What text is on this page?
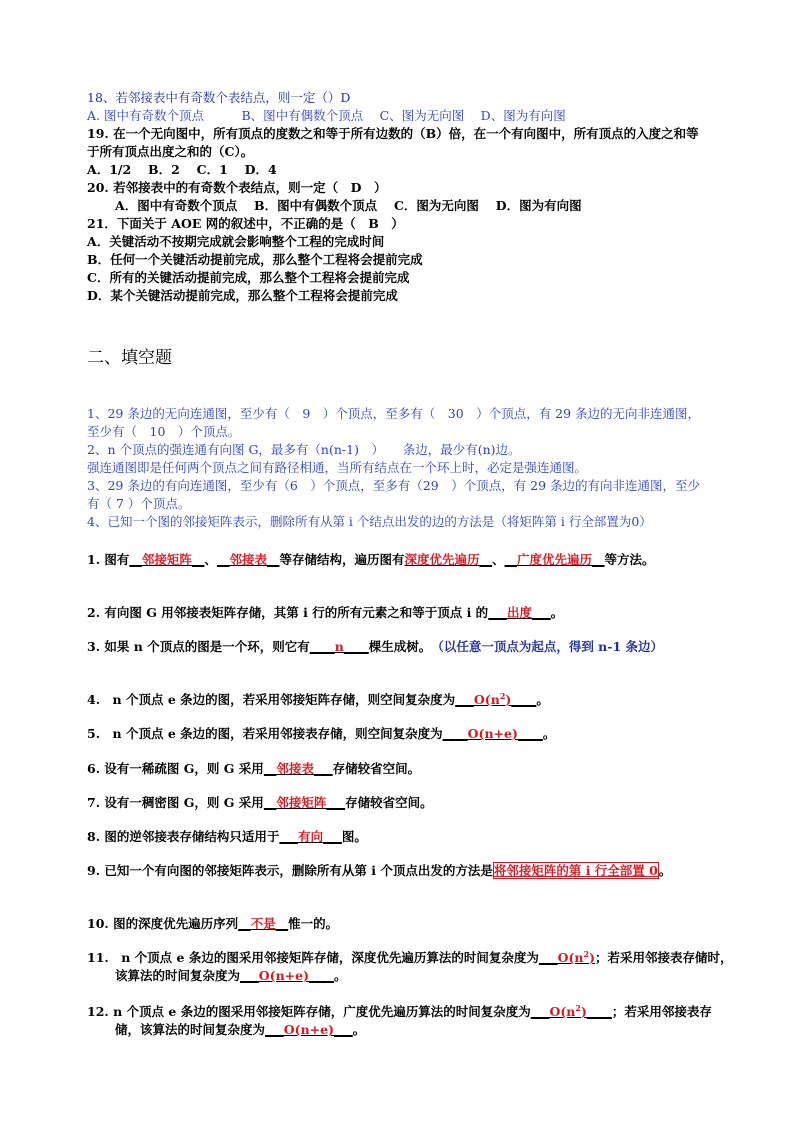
18、若邻接表中有奇数个表结点，则一定（）D
A. 图中有奇数个顶点　　　B、图中有偶数个顶点　 C、图为无向图　 D、图为有向图
19. 在一个无向图中，所有顶点的度数之和等于所有边数的（B）倍，在一个有向图中，所有顶点的入度之和等于所有顶点出度之和的（C）。
A．1/2　 B．2　 C．1　 D．4
20. 若邻接表中的有奇数个表结点，则一定（　D　）
A．图中有奇数个顶点　 B．图中有偶数个顶点　 C．图为无向图　 D．图为有向图
21．下面关于 AOE 网的叙述中，不正确的是（　B　）
A．关键活动不按期完成就会影响整个工程的完成时间
B．任何一个关键活动提前完成，那么整个工程将会提前完成
C．所有的关键活动提前完成，那么整个工程将会提前完成
D．某个关键活动提前完成，那么整个工程将会提前完成
二、填空题
1、29 条边的无向连通图，至少有（　9　）个顶点，至多有（　30　）个顶点，有 29 条边的无向非连通图，至少有（　10　）个顶点。
2、n 个顶点的强连通有向图 G，最多有（n(n-1)　）　　条边，最少有(n)边。
强连通图即是任何两个顶点之间有路径相通，当所有结点在一个环上时，必定是强连通图。
3、29 条边的有向连通图，至少有（6　）个顶点，至多有（29　）个顶点，有 29 条边的有向非连通图，至少有（ 7 ）个顶点。
4、已知一个图的邻接矩阵表示，删除所有从第 i 个结点出发的边的方法是（将矩阵第 i 行全部置为0）
1. 图有__邻接矩阵__、__邻接表__等存储结构，遍历图有深度优先遍历__、__广度优先遍历__等方法。
2. 有向图 G 用邻接表矩阵存储，其第 i 行的所有元素之和等于顶点 i 的___出度___。
3. 如果 n 个顶点的图是一个环，则它有____n____棵生成树。　 （以任意一顶点为起点，得到 n-1 条边）
4.　n 个顶点 e 条边的图，若采用邻接矩阵存储，则空间复杂度为$\_\_\_O(n^2)\_\_\_\_$。
5.　n 个顶点 e 条边的图，若采用邻接表存储，则空间复杂度为____O(n+e)____。
6. 设有一稀疏图 G，则 G 采用__邻接表___存储较省空间。
7. 设有一稠密图 G，则 G 采用__邻接矩阵___存储较省空间。
8. 图的逆邻接表存储结构只适用于___有向___图。
9. 已知一个有向图的邻接矩阵表示，删除所有从第 i 个顶点出发的方法是将邻接矩阵的第 i 行全部置 0。
10. 图的深度优先遍历序列__不是__惟一的。
11.　n 个顶点 e 条边的图采用邻接矩阵存储，深度优先遍历算法的时间复杂度为$\_\_\_O(n^2)$；若采用邻接表存储时，该算法的时间复杂度为___O(n+e)____。
12. n 个顶点 e 条边的图采用邻接矩阵存储，广度优先遍历算法的时间复杂度为$\_\_\_O(n^2)\_\_\_\_$；若采用邻接表存储，该算法的时间复杂度为___O(n+e)___。
